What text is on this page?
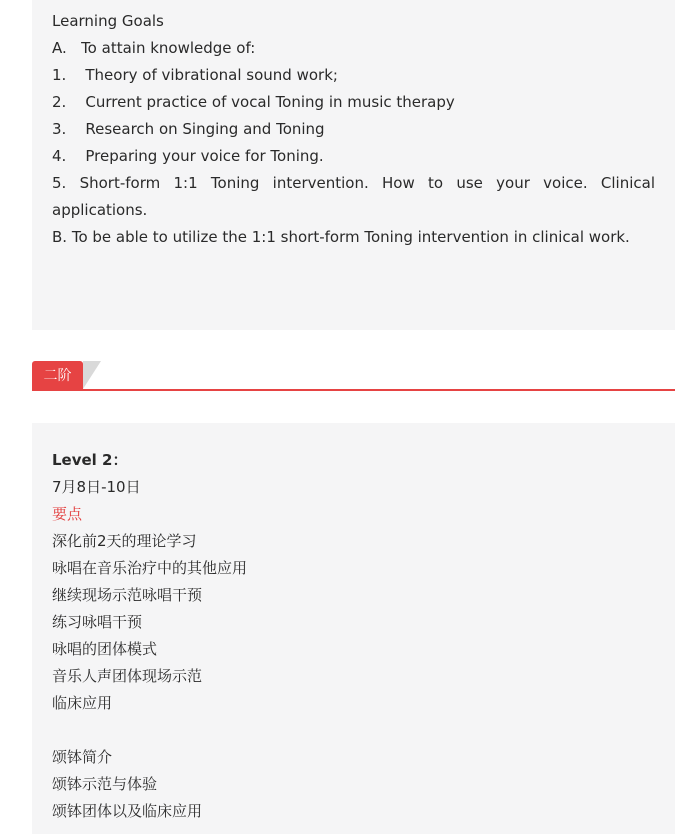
Learning Goals
A.   To attain knowledge of:
1.    Theory of vibrational sound work;
2.    Current practice of vocal Toning in music therapy
3.    Research on Singing and Toning
4.    Preparing your voice for Toning.
5. Short-form 1:1 Toning intervention. How to use your voice. Clinical applications.
B. To be able to utilize the 1:1 short-form Toning intervention in clinical work.
二阶
Level 2：
7月8日-10日
要点
深化前2天的理论学习
咏唱在音乐治疗中的其他应用
继续现场示范咏唱干预
练习咏唱干预
咏唱的团体模式
音乐人声团体现场示范
临床应用
颂钵简介
颂钵示范与体验
颂钵团体以及临床应用
